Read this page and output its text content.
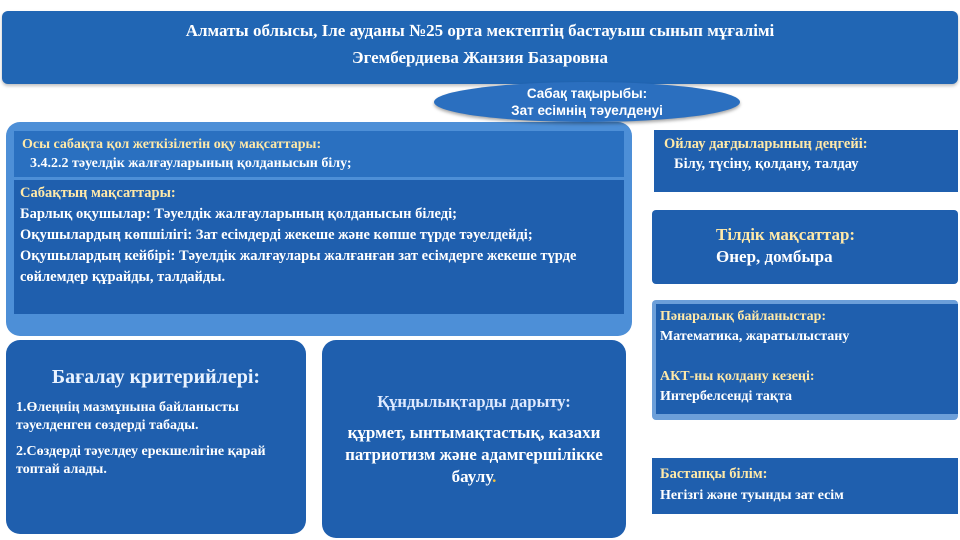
Алматы облысы, Іле ауданы №25 орта мектептің бастауыш сынып мұғалімі
Эгембердиева Жанзия Базаровна
Осы сабақта қол жеткізілетін оқу мақсаттары:
3.4.2.2 тәуелдік жалғауларының қолданысын білу;
Сабақтың мақсаттары:
Барлық оқушылар: Тәуелдік жалғауларының қолданысын біледі;
Оқушылардың көпшілігі: Зат есімдерді жекеше және көпше түрде тәуелдейді;
Оқушылардың кейбірі: Тәуелдік жалғаулары жалғанған зат есімдерге жекеше түрде сөйлемдер құрайды, талдайды.
Сабақ тақырыбы:
Зат есімнің тәуелденуі
Ойлау дағдыларының деңгейі:
Білу, түсіну, қолдану, талдау
Тілдік мақсаттар:
Өнер, домбыра
Пәнаралық байланыстар:
Математика, жаратылыстану
АКТ-ны қолдану кезеңі:
Интербелсенді тақта
Бастапқы білім:
Негізгі және туынды зат есім
Бағалау критерийлері:

1.Өлеңнің мазмұнына байланысты тәуелденген сөздерді табады.

2.Сөздерді тәуелдеу ерекшелігіне қарай топтай алады.

Құндылықтарды дарыту:

құрмет, ынтымақтастық, казахи патриотизм және адамгершілікке баулу.
